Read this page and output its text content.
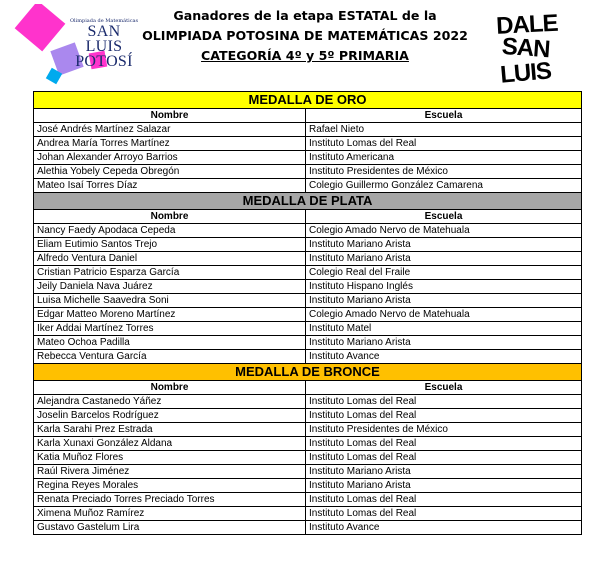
Olimpiada de Matemáticas
SAN LUIS
POTOSÍ
Ganadores de la etapa ESTATAL de la
OLIMPIADA POTOSINA DE MATEMÁTICAS 2022
CATEGORÍA 4º y 5º PRIMARIA
DALE
SAN
LUIS
MEDALLA DE ORO	
Nombre	Escuela
José Andrés Martínez Salazar	Rafael Nieto
Andrea María Torres Martínez	Instituto Lomas del Real
Johan Alexander Arroyo Barrios	Instituto Americana
Alethia Yobely Cepeda Obregón	Instituto Presidentes de México
Mateo Isaí Torres Díaz	Colegio Guillermo González Camarena
MEDALLA DE PLATA	
Nombre	Escuela
Nancy Faedy Apodaca Cepeda	Colegio Amado Nervo de Matehuala
Eliam Eutimio Santos Trejo	Instituto Mariano Arista
Alfredo Ventura Daniel	Instituto Mariano Arista
Cristian Patricio Esparza García	Colegio Real del Fraile
Jeily Daniela Nava Juárez	Instituto Hispano Inglés
Luisa Michelle Saavedra Soni	Instituto Mariano Arista
Edgar Matteo Moreno Martínez	Colegio Amado Nervo de Matehuala
Iker Addai Martínez Torres	Instituto Matel
Mateo Ochoa Padilla	Instituto Mariano Arista
Rebecca Ventura García	Instituto Avance
MEDALLA DE BRONCE	
Nombre	Escuela
Alejandra Castanedo Yáñez	Instituto Lomas del Real
Joselin Barcelos Rodríguez	Instituto Lomas del Real
Karla Sarahi Prez Estrada	Instituto Presidentes de México
Karla Xunaxi González Aldana	Instituto Lomas del Real
Katia Muñoz Flores	Instituto Lomas del Real
Raúl Rivera Jiménez	Instituto Mariano Arista
Regina Reyes Morales	Instituto Mariano Arista
Renata Preciado Torres Preciado Torres	Instituto Lomas del Real
Ximena Muñoz Ramírez	Instituto Lomas del Real
Gustavo Gastelum Lira	Instituto Avance
